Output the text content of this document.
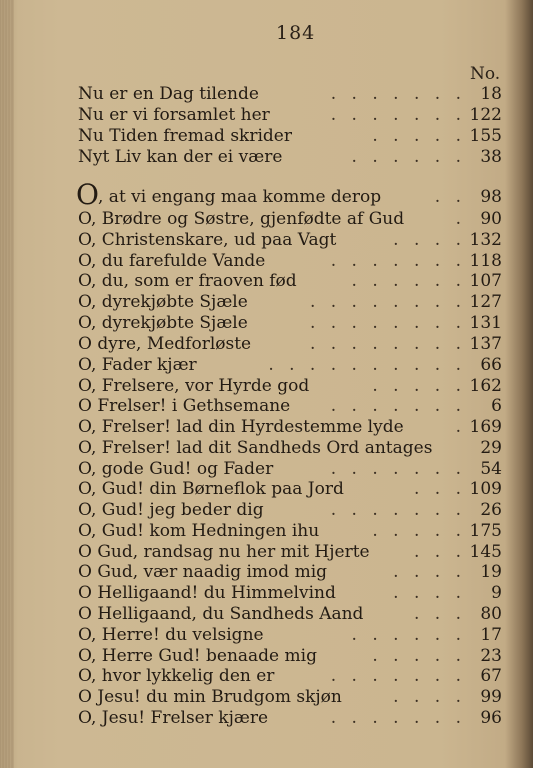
184
No.
Nu er en Dag tilende	. . . . . . . 18
Nu er vi forsamlet her	. . . . . . . 122
Nu Tiden fremad skrider	. . . . . 155
Nyt Liv kan der ei være	. . . . . . 38
O , at vi engang maa komme derop	. . 98
O, Brødre og Søstre, gjenfødte af Gud	. 90
O, Christenskare, ud paa Vagt	. . . . 132
O, du farefulde Vande	. . . . . . . 118
O, du, som er fraoven fød	. . . . . . 107
O, dyrekjøbte Sjæle	. . . . . . . . 127
O, dyrekjøbte Sjæle	. . . . . . . . 131
O dyre, Medforløste	. . . . . . . . 137
O, Fader kjær	. . . . . . . . . . 66
O, Frelsere, vor Hyrde god	. . . . . 162
O Frelser! i Gethsemane . . . . . . . 6
O, Frelser! lad din Hyrdestemme lyde	. 169
O, Frelser! lad dit Sandheds Ord antages	29
O, gode Gud! og Fader	. . . . . . . 54
O, Gud! din Børneflok paa Jord	. . . 109
O, Gud! jeg beder dig	. . . . . . . 26
O, Gud! kom Hedningen ihu	. . . . . 175
O Gud, randsag nu her mit Hjerte	. . . 145
O Gud, vær naadig imod mig	. . . . 19
O Helligaand! du Himmelvind	. . . . 9
O Helligaand, du Sandheds Aand	. . . 80
O, Herre! du velsigne	. . . . . . 17
O, Herre Gud! benaade mig	. . . . . 23
O, hvor lykkelig den er	. . . . . . . 67
O Jesu! du min Brudgom skjøn	. . . . 99
O, Jesu! Frelser kjære	. . . . . . . 96
